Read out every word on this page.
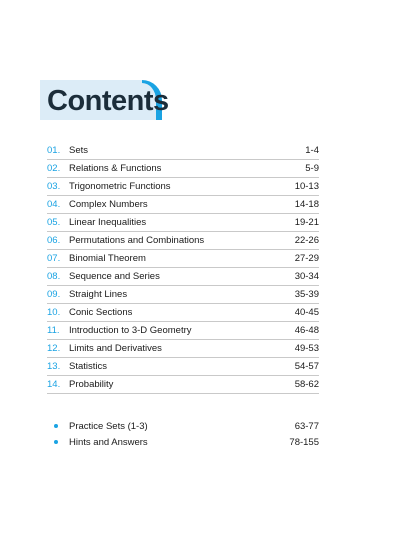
Contents
01. Sets	1-4
02. Relations & Functions	5-9
03. Trigonometric Functions	10-13
04. Complex Numbers	14-18
05. Linear Inequalities	19-21
06. Permutations and Combinations	22-26
07. Binomial Theorem	27-29
08. Sequence and Series	30-34
09. Straight Lines	35-39
10. Conic Sections	40-45
11. Introduction to 3-D Geometry	46-48
12. Limits and Derivatives	49-53
13. Statistics	54-57
14. Probability	58-62
Practice Sets (1-3)	63-77
Hints and Answers	78-155
